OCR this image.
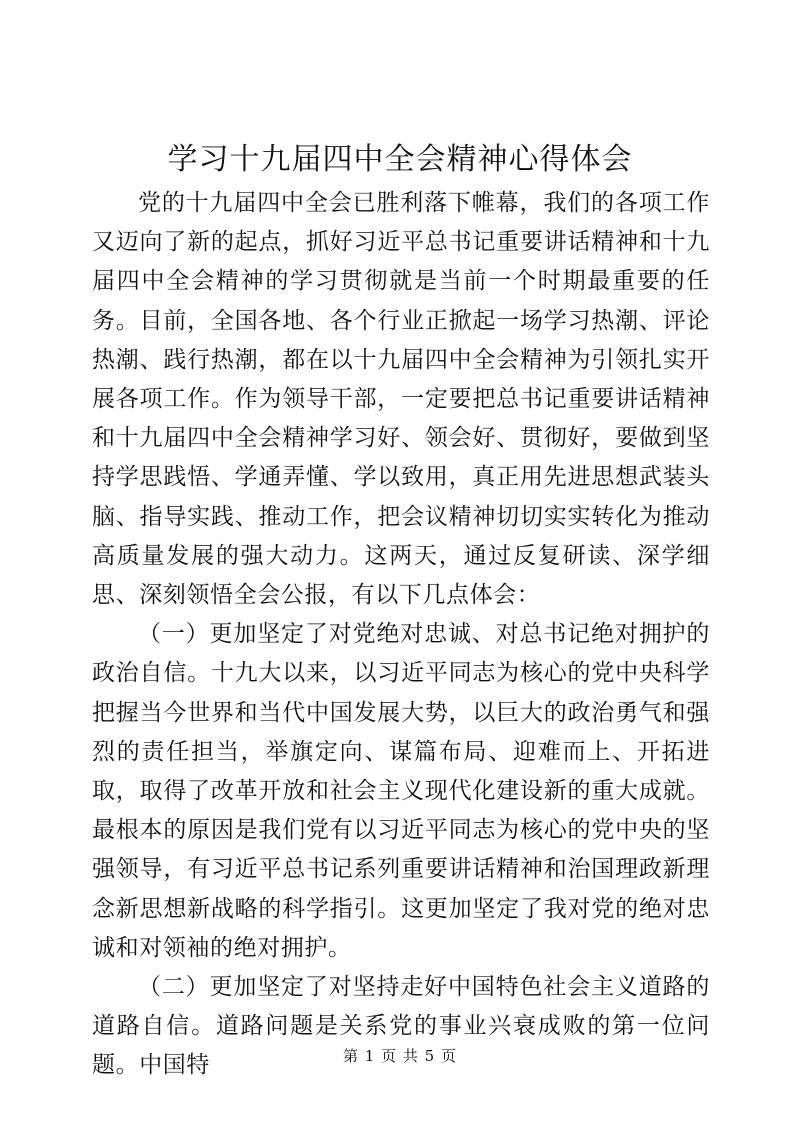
学习十九届四中全会精神心得体会

党的十九届四中全会已胜利落下帷幕，我们的各项工作又迈向了新的起点，抓好习近平总书记重要讲话精神和十九届四中全会精神的学习贯彻就是当前一个时期最重要的任务。目前，全国各地、各个行业正掀起一场学习热潮、评论热潮、践行热潮，都在以十九届四中全会精神为引领扎实开展各项工作。作为领导干部，一定要把总书记重要讲话精神和十九届四中全会精神学习好、领会好、贯彻好，要做到坚持学思践悟、学通弄懂、学以致用，真正用先进思想武装头脑、指导实践、推动工作，把会议精神切切实实转化为推动高质量发展的强大动力。这两天，通过反复研读、深学细思、深刻领悟全会公报，有以下几点体会：

（一）更加坚定了对党绝对忠诚、对总书记绝对拥护的政治自信。十九大以来，以习近平同志为核心的党中央科学把握当今世界和当代中国发展大势，以巨大的政治勇气和强烈的责任担当，举旗定向、谋篇布局、迎难而上、开拓进取，取得了改革开放和社会主义现代化建设新的重大成就。最根本的原因是我们党有以习近平同志为核心的党中央的坚强领导，有习近平总书记系列重要讲话精神和治国理政新理念新思想新战略的科学指引。这更加坚定了我对党的绝对忠诚和对领袖的绝对拥护。

（二）更加坚定了对坚持走好中国特色社会主义道路的道路自信。道路问题是关系党的事业兴衰成败的第一位问题。中国特	第 1 页 共 5 页
